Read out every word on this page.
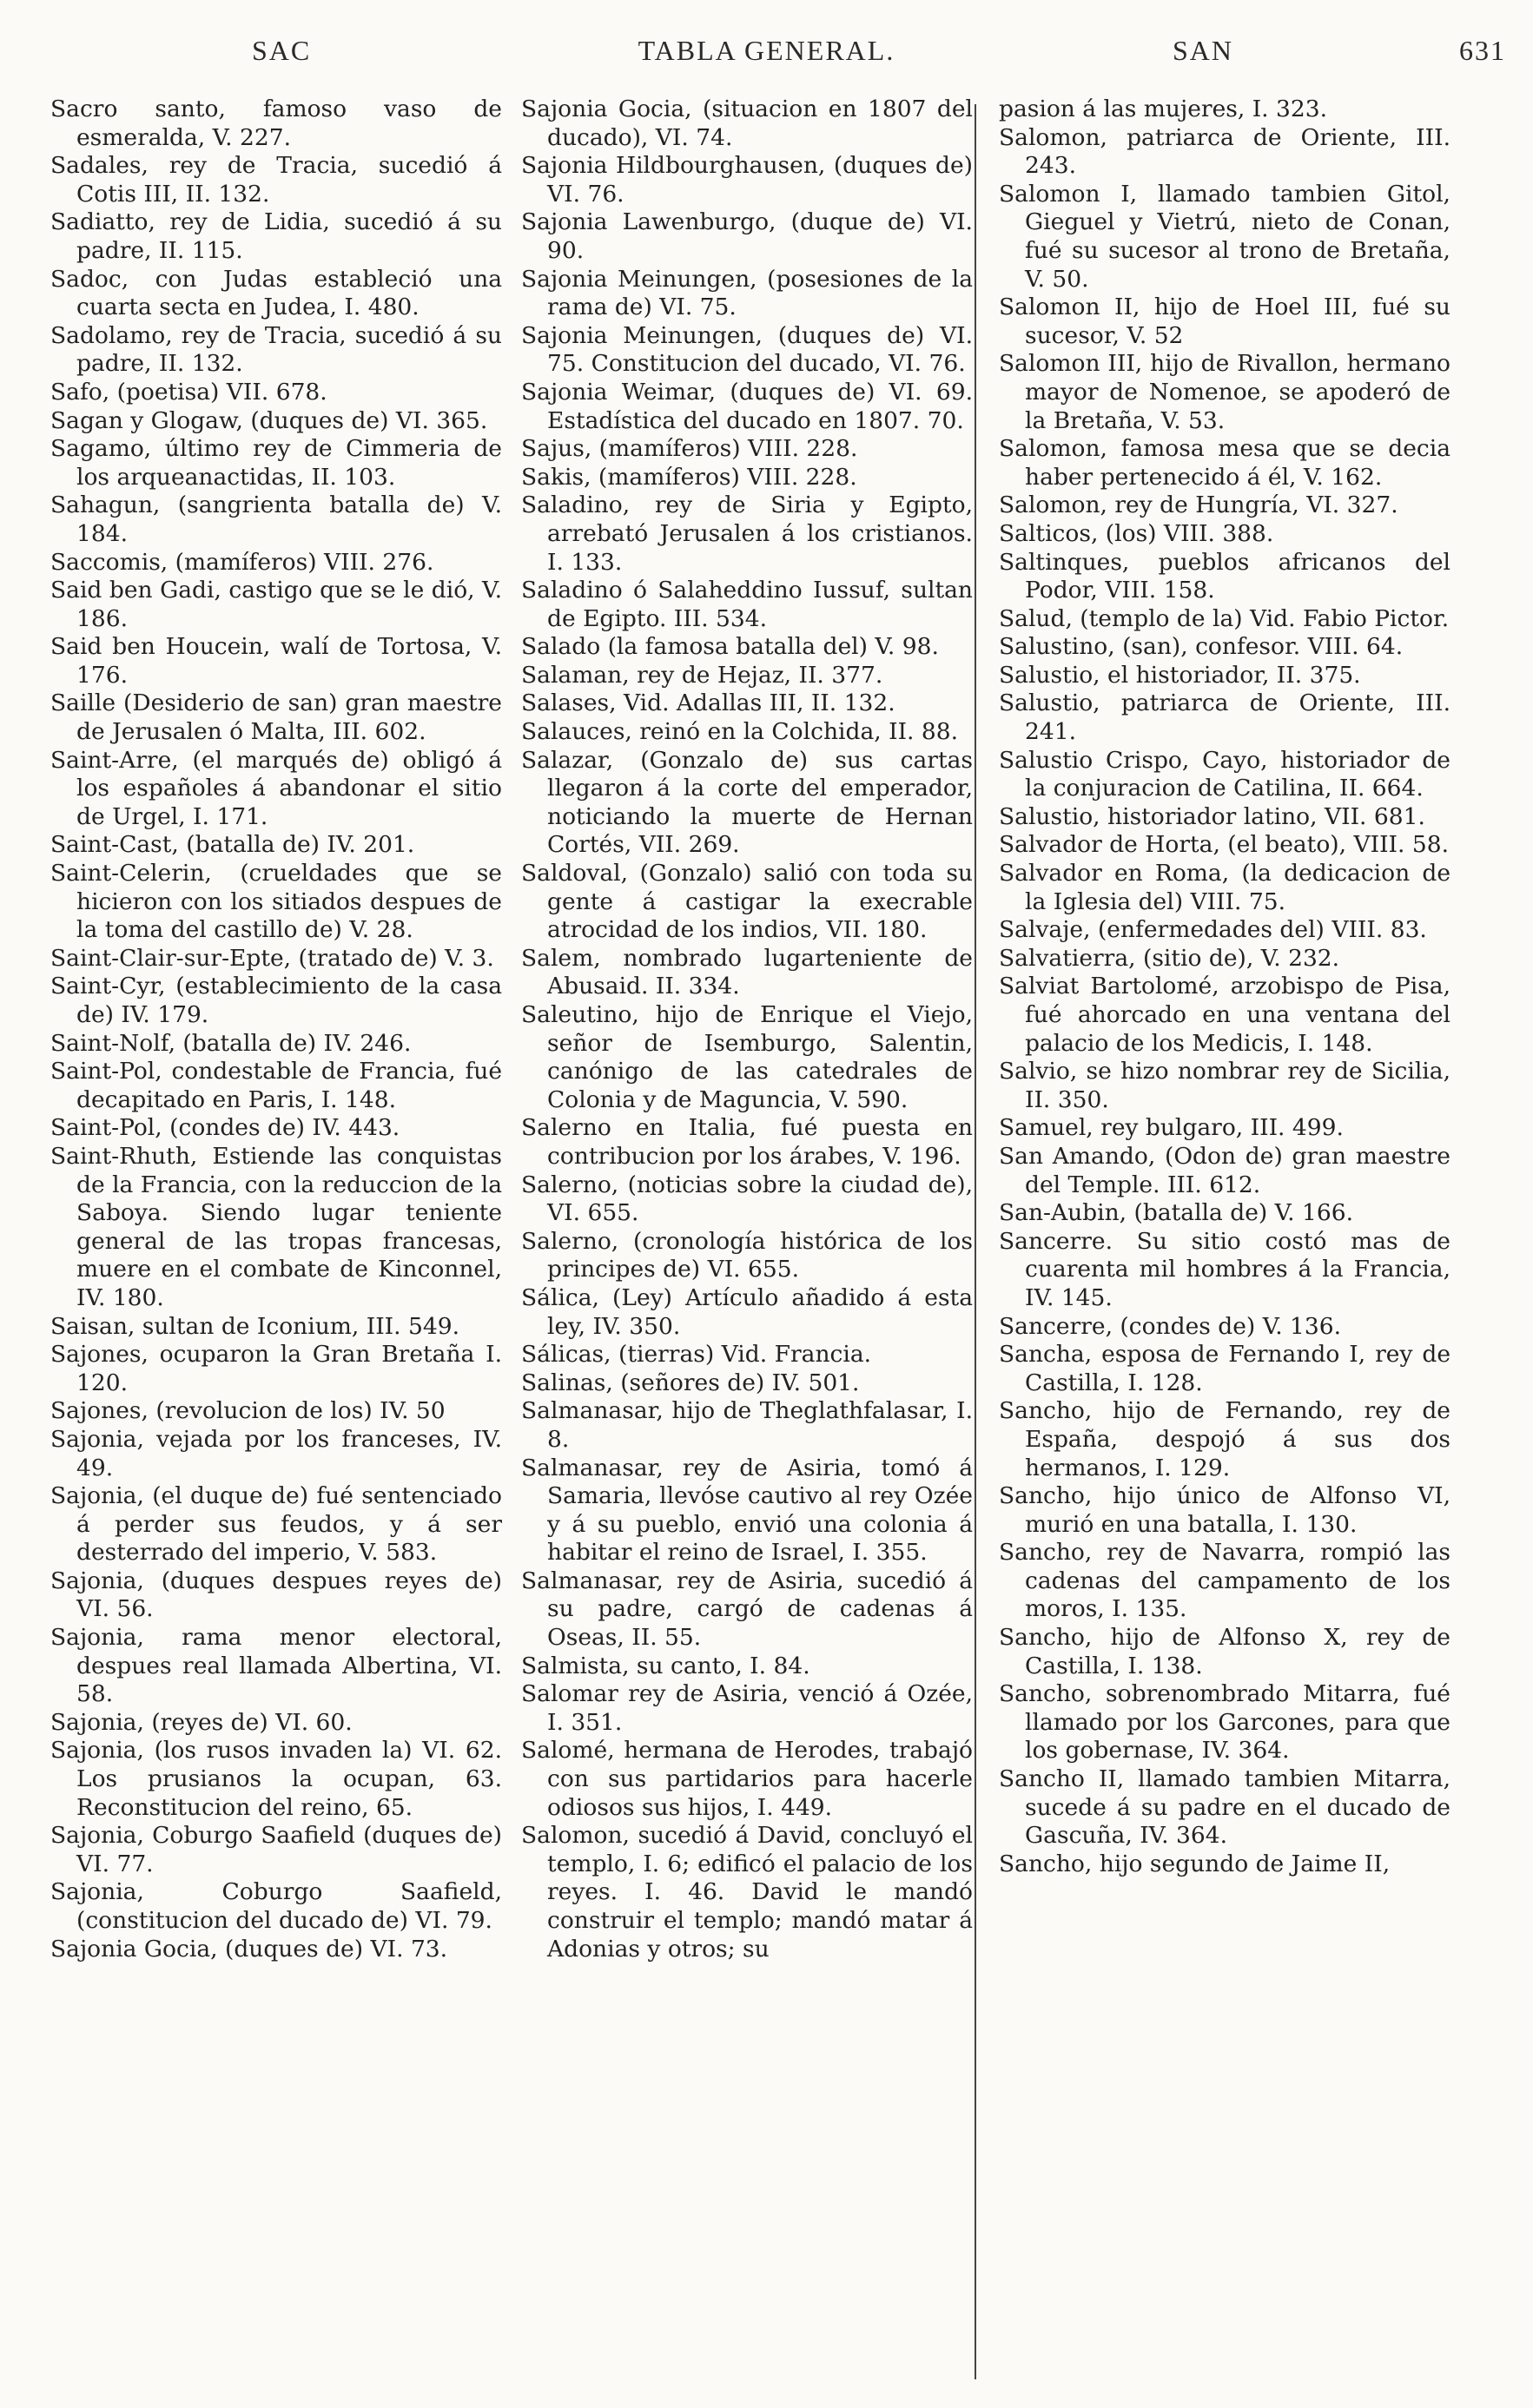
SAC	TABLA GENERAL.	SAN	631

Sacro santo, famoso vaso de esmeralda, V. 227.

Sadales, rey de Tracia, sucedió á Cotis III, II. 132.

Sadiatto, rey de Lidia, sucedió á su padre, II. 115.

Sadoc, con Judas estableció una cuarta secta en Judea, I. 480.

Sadolamo, rey de Tracia, sucedió á su padre, II. 132.

Safo, (poetisa) VII. 678.

Sagan y Glogaw, (duques de) VI. 365.

Sagamo, último rey de Cimmeria de los arqueanactidas, II. 103.

Sahagun, (sangrienta batalla de) V. 184.

Saccomis, (mamíferos) VIII. 276.

Said ben Gadi, castigo que se le dió, V. 186.

Said ben Houcein, walí de Tortosa, V. 176.

Saille (Desiderio de san) gran maestre de Jerusalen ó Malta, III. 602.

Saint-Arre, (el marqués de) obligó á los españoles á abandonar el sitio de Urgel, I. 171.

Saint-Cast, (batalla de) IV. 201.

Saint-Celerin, (crueldades que se hicieron con los sitiados despues de la toma del castillo de) V. 28.

Saint-Clair-sur-Epte, (tratado de) V. 3.

Saint-Cyr, (establecimiento de la casa de) IV. 179.

Saint-Nolf, (batalla de) IV. 246.

Saint-Pol, condestable de Francia, fué decapitado en Paris, I. 148.

Saint-Pol, (condes de) IV. 443.

Saint-Rhuth, Estiende las conquistas de la Francia, con la reduccion de la Saboya. Siendo lugar teniente general de las tropas francesas, muere en el combate de Kinconnel, IV. 180.

Saisan, sultan de Iconium, III. 549.

Sajones, ocuparon la Gran Bretaña I. 120.

Sajones, (revolucion de los) IV. 50

Sajonia, vejada por los franceses, IV. 49.

Sajonia, (el duque de) fué sentenciado á perder sus feudos, y á ser desterrado del imperio, V. 583.

Sajonia, (duques despues reyes de) VI. 56.

Sajonia, rama menor electoral, despues real llamada Albertina, VI. 58.

Sajonia, (reyes de) VI. 60.

Sajonia, (los rusos invaden la) VI. 62. Los prusianos la ocupan, 63. Reconstitucion del reino, 65.

Sajonia, Coburgo Saafield (duques de) VI. 77.

Sajonia, Coburgo Saafield, (constitucion del ducado de) VI. 79.

Sajonia Gocia, (duques de) VI. 73.

Sajonia Gocia, (situacion en 1807 del ducado), VI. 74.

Sajonia Hildbourghausen, (duques de) VI. 76.

Sajonia Lawenburgo, (duque de) VI. 90.

Sajonia Meinungen, (posesiones de la rama de) VI. 75.

Sajonia Meinungen, (duques de) VI. 75. Constitucion del ducado, VI. 76.

Sajonia Weimar, (duques de) VI. 69. Estadística del ducado en 1807. 70.

Sajus, (mamíferos) VIII. 228.

Sakis, (mamíferos) VIII. 228.

Saladino, rey de Siria y Egipto, arrebató Jerusalen á los cristianos. I. 133.

Saladino ó Salaheddino Iussuf, sultan de Egipto. III. 534.

Salado (la famosa batalla del) V. 98.

Salaman, rey de Hejaz, II. 377.

Salases, Vid. Adallas III, II. 132.

Salauces, reinó en la Colchida, II. 88.

Salazar, (Gonzalo de) sus cartas llegaron á la corte del emperador, noticiando la muerte de Hernan Cortés, VII. 269.

Saldoval, (Gonzalo) salió con toda su gente á castigar la execrable atrocidad de los indios, VII. 180.

Salem, nombrado lugarteniente de Abusaid. II. 334.

Saleutino, hijo de Enrique el Viejo, señor de Isemburgo, Salentin, canónigo de las catedrales de Colonia y de Maguncia, V. 590.

Salerno en Italia, fué puesta en contribucion por los árabes, V. 196.

Salerno, (noticias sobre la ciudad de), VI. 655.

Salerno, (cronología histórica de los principes de) VI. 655.

Sálica, (Ley) Artículo añadido á esta ley, IV. 350.

Sálicas, (tierras) Vid. Francia.

Salinas, (señores de) IV. 501.

Salmanasar, hijo de Theglathfalasar, I. 8.

Salmanasar, rey de Asiria, tomó á Samaria, llevóse cautivo al rey Ozée y á su pueblo, envió una colonia á habitar el reino de Israel, I. 355.

Salmanasar, rey de Asiria, sucedió á su padre, cargó de cadenas á Oseas, II. 55.

Salmista, su canto, I. 84.

Salomar rey de Asiria, venció á Ozée, I. 351.

Salomé, hermana de Herodes, trabajó con sus partidarios para hacerle odiosos sus hijos, I. 449.

Salomon, sucedió á David, concluyó el templo, I. 6; edificó el palacio de los reyes. I. 46. David le mandó construir el templo; mandó matar á Adonias y otros; su

pasion á las mujeres, I. 323.

Salomon, patriarca de Oriente, III. 243.

Salomon I, llamado tambien Gitol, Gieguel y Vietrú, nieto de Conan, fué su sucesor al trono de Bretaña, V. 50.

Salomon II, hijo de Hoel III, fué su sucesor, V. 52

Salomon III, hijo de Rivallon, hermano mayor de Nomenoe, se apoderó de la Bretaña, V. 53.

Salomon, famosa mesa que se decia haber pertenecido á él, V. 162.

Salomon, rey de Hungría, VI. 327.

Salticos, (los) VIII. 388.

Saltinques, pueblos africanos del Podor, VIII. 158.

Salud, (templo de la) Vid. Fabio Pictor.

Salustino, (san), confesor. VIII. 64.

Salustio, el historiador, II. 375.

Salustio, patriarca de Oriente, III. 241.

Salustio Crispo, Cayo, historiador de la conjuracion de Catilina, II. 664.

Salustio, historiador latino, VII. 681.

Salvador de Horta, (el beato), VIII. 58.

Salvador en Roma, (la dedicacion de la Iglesia del) VIII. 75.

Salvaje, (enfermedades del) VIII. 83.

Salvatierra, (sitio de), V. 232.

Salviat Bartolomé, arzobispo de Pisa, fué ahorcado en una ventana del palacio de los Medicis, I. 148.

Salvio, se hizo nombrar rey de Sicilia, II. 350.

Samuel, rey bulgaro, III. 499.

San Amando, (Odon de) gran maestre del Temple. III. 612.

San-Aubin, (batalla de) V. 166.

Sancerre. Su sitio costó mas de cuarenta mil hombres á la Francia, IV. 145.

Sancerre, (condes de) V. 136.

Sancha, esposa de Fernando I, rey de Castilla, I. 128.

Sancho, hijo de Fernando, rey de España, despojó á sus dos hermanos, I. 129.

Sancho, hijo único de Alfonso VI, murió en una batalla, I. 130.

Sancho, rey de Navarra, rompió las cadenas del campamento de los moros, I. 135.

Sancho, hijo de Alfonso X, rey de Castilla, I. 138.

Sancho, sobrenombrado Mitarra, fué llamado por los Garcones, para que los gobernase, IV. 364.

Sancho II, llamado tambien Mitarra, sucede á su padre en el ducado de Gascuña, IV. 364.

Sancho, hijo segundo de Jaime II,
